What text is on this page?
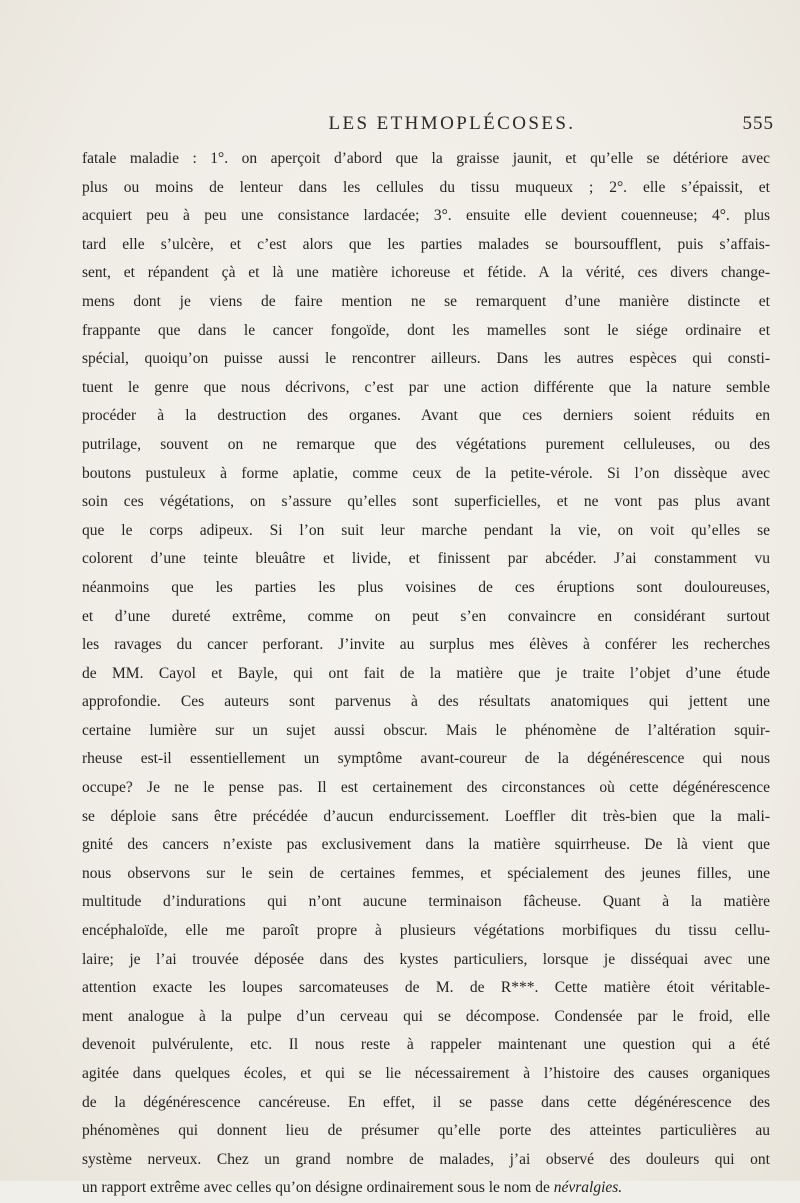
LES ETHMOPLÉCOSES.	555
fatale maladie : 1°. on aperçoit d’abord que la graisse jaunit, et qu’elle se détériore avec
plus ou moins de lenteur dans les cellules du tissu muqueux ; 2°. elle s’épaissit, et
acquiert peu à peu une consistance lardacée; 3°. ensuite elle devient couenneuse; 4°. plus
tard elle s’ulcère, et c’est alors que les parties malades se boursoufflent, puis s’affais-
sent, et répandent çà et là une matière ichoreuse et fétide. A la vérité, ces divers change-
mens dont je viens de faire mention ne se remarquent d’une manière distincte et
frappante que dans le cancer fongoïde, dont les mamelles sont le siége ordinaire et
spécial, quoiqu’on puisse aussi le rencontrer ailleurs. Dans les autres espèces qui consti-
tuent le genre que nous décrivons, c’est par une action différente que la nature semble
procéder à la destruction des organes. Avant que ces derniers soient réduits en
putrilage, souvent on ne remarque que des végétations purement celluleuses, ou des
boutons pustuleux à forme aplatie, comme ceux de la petite-vérole. Si l’on dissèque avec
soin ces végétations, on s’assure qu’elles sont superficielles, et ne vont pas plus avant
que le corps adipeux. Si l’on suit leur marche pendant la vie, on voit qu’elles se
colorent d’une teinte bleuâtre et livide, et finissent par abcéder. J’ai constamment vu
néanmoins que les parties les plus voisines de ces éruptions sont douloureuses,
et d’une dureté extrême, comme on peut s’en convaincre en considérant surtout
les ravages du cancer perforant. J’invite au surplus mes élèves à conférer les recherches
de MM. Cayol et Bayle, qui ont fait de la matière que je traite l’objet d’une étude
approfondie. Ces auteurs sont parvenus à des résultats anatomiques qui jettent une
certaine lumière sur un sujet aussi obscur. Mais le phénomène de l’altération squir-
rheuse est-il essentiellement un symptôme avant-coureur de la dégénérescence qui nous
occupe? Je ne le pense pas. Il est certainement des circonstances où cette dégénérescence
se déploie sans être précédée d’aucun endurcissement. Loeffler dit très-bien que la mali-
gnité des cancers n’existe pas exclusivement dans la matière squirrheuse. De là vient que
nous observons sur le sein de certaines femmes, et spécialement des jeunes filles, une
multitude d’indurations qui n’ont aucune terminaison fâcheuse. Quant à la matière
encéphaloïde, elle me paroît propre à plusieurs végétations morbifiques du tissu cellu-
laire; je l’ai trouvée déposée dans des kystes particuliers, lorsque je disséquai avec une
attention exacte les loupes sarcomateuses de M. de R***. Cette matière étoit véritable-
ment analogue à la pulpe d’un cerveau qui se décompose. Condensée par le froid, elle
devenoit pulvérulente, etc. Il nous reste à rappeler maintenant une question qui a été
agitée dans quelques écoles, et qui se lie nécessairement à l’histoire des causes organiques
de la dégénérescence cancéreuse. En effet, il se passe dans cette dégénérescence des
phénomènes qui donnent lieu de présumer qu’elle porte des atteintes particulières au
système nerveux. Chez un grand nombre de malades, j’ai observé des douleurs qui ont
un rapport extrême avec celles qu’on désigne ordinairement sous le nom de névralgies.
